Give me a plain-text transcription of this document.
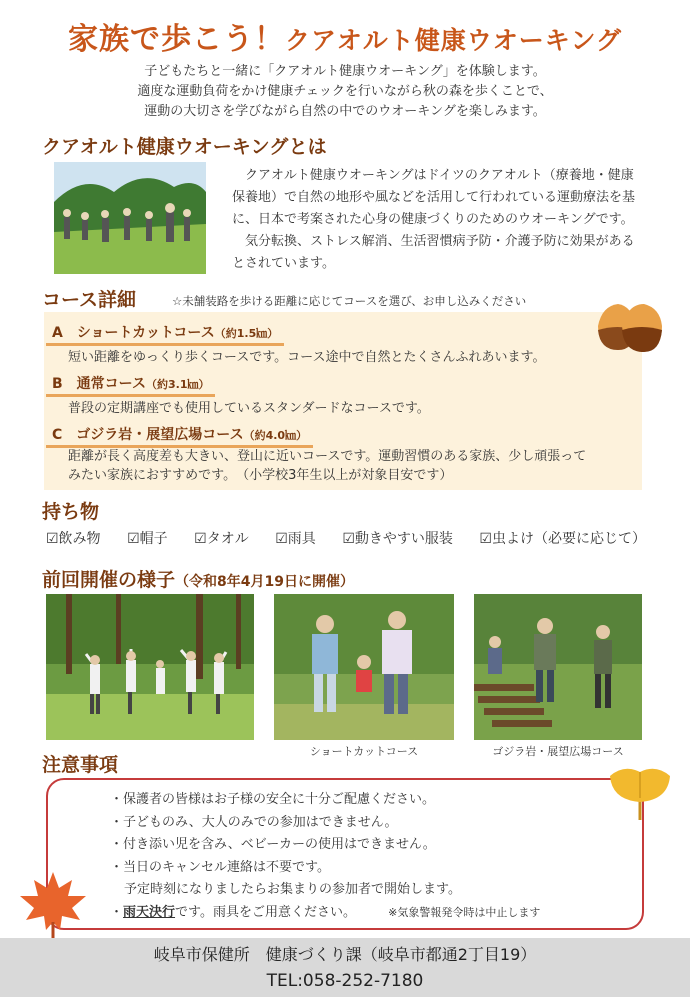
家族で歩こう！クアオルト健康ウオーキング
子どもたちと一緒に「クアオルト健康ウオーキング」を体験します。
適度な運動負荷をかけ健康チェックを行いながら秋の森を歩くことで、
運動の大切さを学びながら自然の中でのウオーキングを楽しみます。
クアオルト健康ウオーキングとは

クアオルト健康ウオーキングはドイツのクアオルト（療養地・健康保養地）で自然の地形や風などを活用して行われている運動療法を基に、日本で考案された心身の健康づくりのためのウオーキングです。

気分転換、ストレス解消、生活習慣病予防・介護予防に効果があるとされています。

コース詳細	☆未舗装路を歩ける距離に応じてコースを選び、お申し込みください
A　ショートカットコース（約1.5㎞）
短い距離をゆっくり歩くコースです。コース途中で自然とたくさんふれあいます。
B　通常コース（約3.1㎞）
普段の定期講座でも使用しているスタンダードなコースです。
C　ゴジラ岩・展望広場コース（約4.0㎞）
距離が長く高度差も大きい、登山に近いコースです。運動習慣のある家族、少し頑張って
みたい家族におすすめです。　（小学校3年生以上が対象目安です）
持ち物
☑飲み物 ☑帽子 ☑タオル ☑雨具 ☑動きやすい服装 ☑虫よけ（必要に応じて）
前回開催の様子（令和8年4月19日に開催）
ショートカットコース	ゴジラ岩・展望広場コース
注意事項
・保護者の皆様はお子様の安全に十分ご配慮ください。
・子どものみ、大人のみでの参加はできません。
・付き添い児を含み、ベビーカーの使用はできません。
・当日のキャンセル連絡は不要です。
予定時刻になりましたらお集まりの参加者で開始します。
・雨天決行です。雨具をご用意ください。	※気象警報発令時は中止します
岐阜市保健所　健康づくり課（岐阜市都通2丁目19）
TEL:058-252-7180
